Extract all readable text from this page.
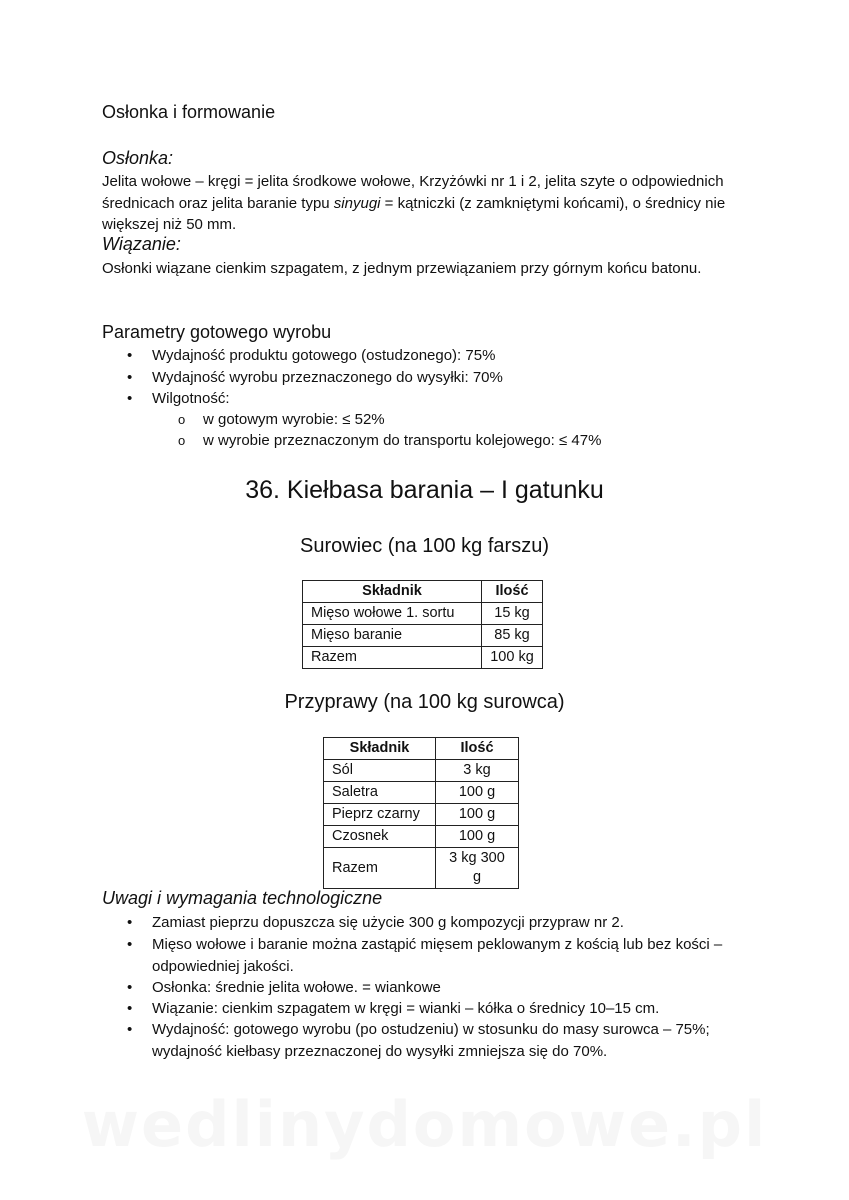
Osłonka i formowanie
Osłonka:
Jelita wołowe – kręgi = jelita środkowe wołowe, Krzyżówki nr 1 i 2, jelita szyte o odpowiednich średnicach oraz jelita baranie typu sinyugi = kątniczki (z zamkniętymi końcami), o średnicy nie większej niż 50 mm.
Wiązanie:
Osłonki wiązane cienkim szpagatem, z jednym przewiązaniem przy górnym końcu batonu.
Parametry gotowego wyrobu
• Wydajność produktu gotowego (ostudzonego): 75%
• Wydajność wyrobu przeznaczonego do wysyłki: 70%
• Wilgotność:
o w gotowym wyrobie: ≤ 52%
o w wyrobie przeznaczonym do transportu kolejowego: ≤ 47%
36. Kiełbasa barania – I gatunku
Surowiec (na 100 kg farszu)
Składnik	Ilość
Mięso wołowe 1. sortu	15 kg
Mięso baranie	85 kg
Razem	100 kg
Przyprawy (na 100 kg surowca)
Składnik	Ilość
Sól	3 kg
Saletra	100 g
Pieprz czarny	100 g
Czosnek	100 g
Razem	3 kg 300 g
Uwagi i wymagania technologiczne
• Zamiast pieprzu dopuszcza się użycie 300 g kompozycji przypraw nr 2.
• Mięso wołowe i baranie można zastąpić mięsem peklowanym z kością lub bez kości – odpowiedniej jakości.
• Osłonka: średnie jelita wołowe. = wiankowe
• Wiązanie: cienkim szpagatem w kręgi = wianki – kółka o średnicy 10–15 cm.
• Wydajność: gotowego wyrobu (po ostudzeniu) w stosunku do masy surowca – 75%; wydajność kiełbasy przeznaczonej do wysyłki zmniejsza się do 70%.
wedlinydomowe.pl
